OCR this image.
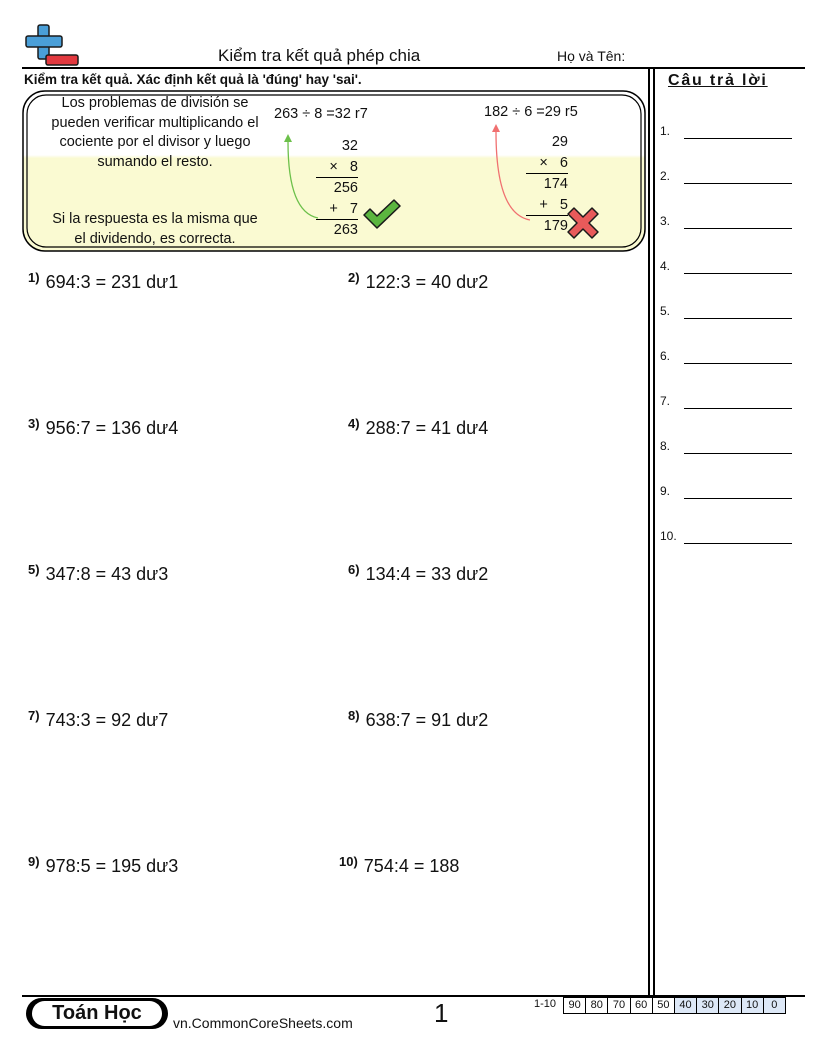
Kiểm tra kết quả phép chia	Họ và Tên:
Kiểm tra kết quả. Xác định kết quả là 'đúng' hay 'sai'.	Câu trả lời
1.
2.
3.
4.
5.
6.
7.
8.
9.
10.
Los problemas de división se pueden verificar multiplicando el cociente por el divisor y luego sumando el resto.
Si la respuesta es la misma que el dividendo, es correcta.
263 ÷ 8 =32 r7
32
×   8
256
+   7
263
182 ÷ 6 =29 r5
29
×   6
174
+   5
179
1) 694:3 = 231 dư1	2) 122:3 = 40 dư2
3) 956:7 = 136 dư4	4) 288:7 = 41 dư4
5) 347:8 = 43 dư3	6) 134:4 = 33 dư2
7) 743:3 = 92 dư7	8) 638:7 = 91 dư2
9) 978:5 = 195 dư3	10) 754:4 = 188
Toán Học	vn.CommonCoreSheets.com	1	1-10	90 80 70 60 50 40 30 20 10	0
